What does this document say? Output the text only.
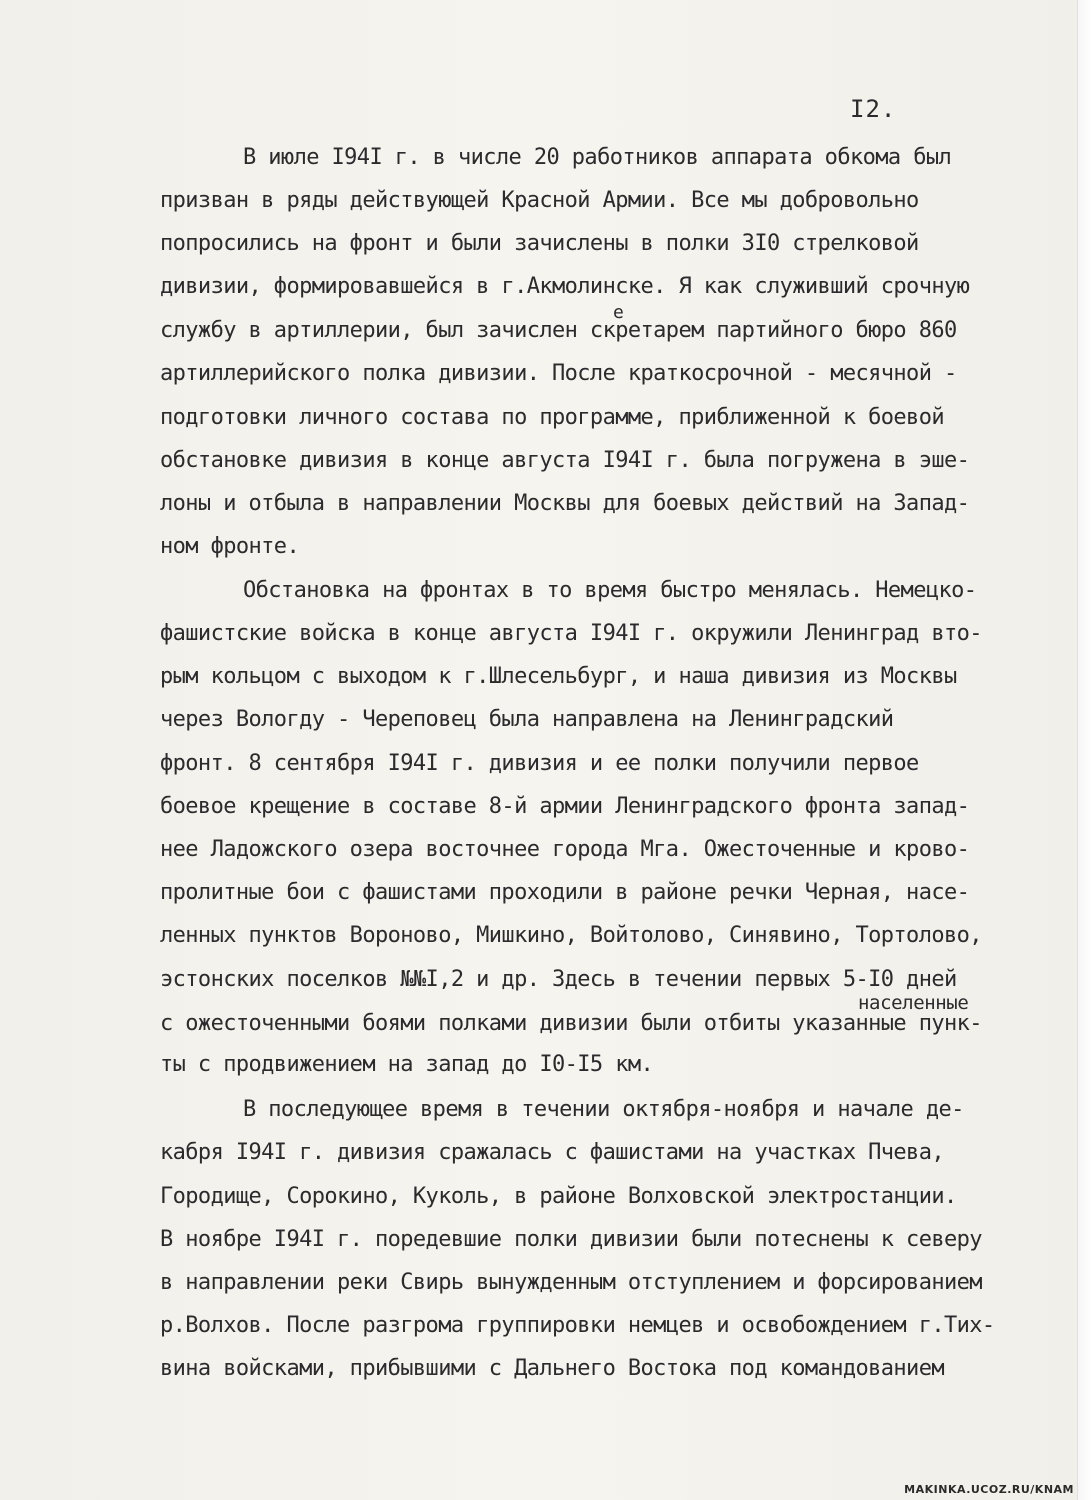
I2.
е
населенные
В июле I94I г. в числе 20 работников аппарата обкома был
призван в ряды действующей Красной Армии. Все мы добровольно
попросились на фронт и были зачислены в полки 3I0 стрелковой
дивизии, формировавшейся в г.Акмолинске. Я как служивший срочную
службу в артиллерии, был зачислен скретарем партийного бюро 860
артиллерийского полка дивизии. После краткосрочной - месячной -
подготовки личного состава по программе, приближенной к боевой
обстановке дивизия в конце августа I94I г. была погружена в эше-
лоны и отбыла в направлении Москвы для боевых действий на Запад-
ном фронте.
Обстановка на фронтах в то время быстро менялась. Немецко-
фашистские войска в конце августа I94I г. окружили Ленинград вто-
рым кольцом с выходом к г.Шлесельбург, и наша дивизия из Москвы
через Вологду - Череповец была направлена на Ленинградский
фронт. 8 сентября I94I г. дивизия и ее полки получили первое
боевое крещение в составе 8-й армии Ленинградского фронта запад-
нее Ладожского озера восточнее города Мга. Ожесточенные и крово-
пролитные бои с фашистами проходили в районе речки Черная, насе-
ленных пунктов Вороново, Мишкино, Войтолово, Синявино, Тортолово,
эстонских поселков №№I,2 и др. Здесь в течении первых 5-I0 дней
с ожесточенными боями полками дивизии были отбиты указанные пунк-
ты с продвижением на запад до I0-I5 км.
В последующее время в течении октября-ноября и начале де-
кабря I94I г. дивизия сражалась с фашистами на участках Пчева,
Городище, Сорокино, Куколь, в районе Волховской электростанции.
В ноябре I94I г. поредевшие полки дивизии были потеснены к северу
в направлении реки Свирь вынужденным отступлением и форсированием
р.Волхов. После разгрома группировки немцев и освобождением г.Тих-
вина войсками, прибывшими с Дальнего Востока под командованием
MAKINKA.UCOZ.RU/KNAM
